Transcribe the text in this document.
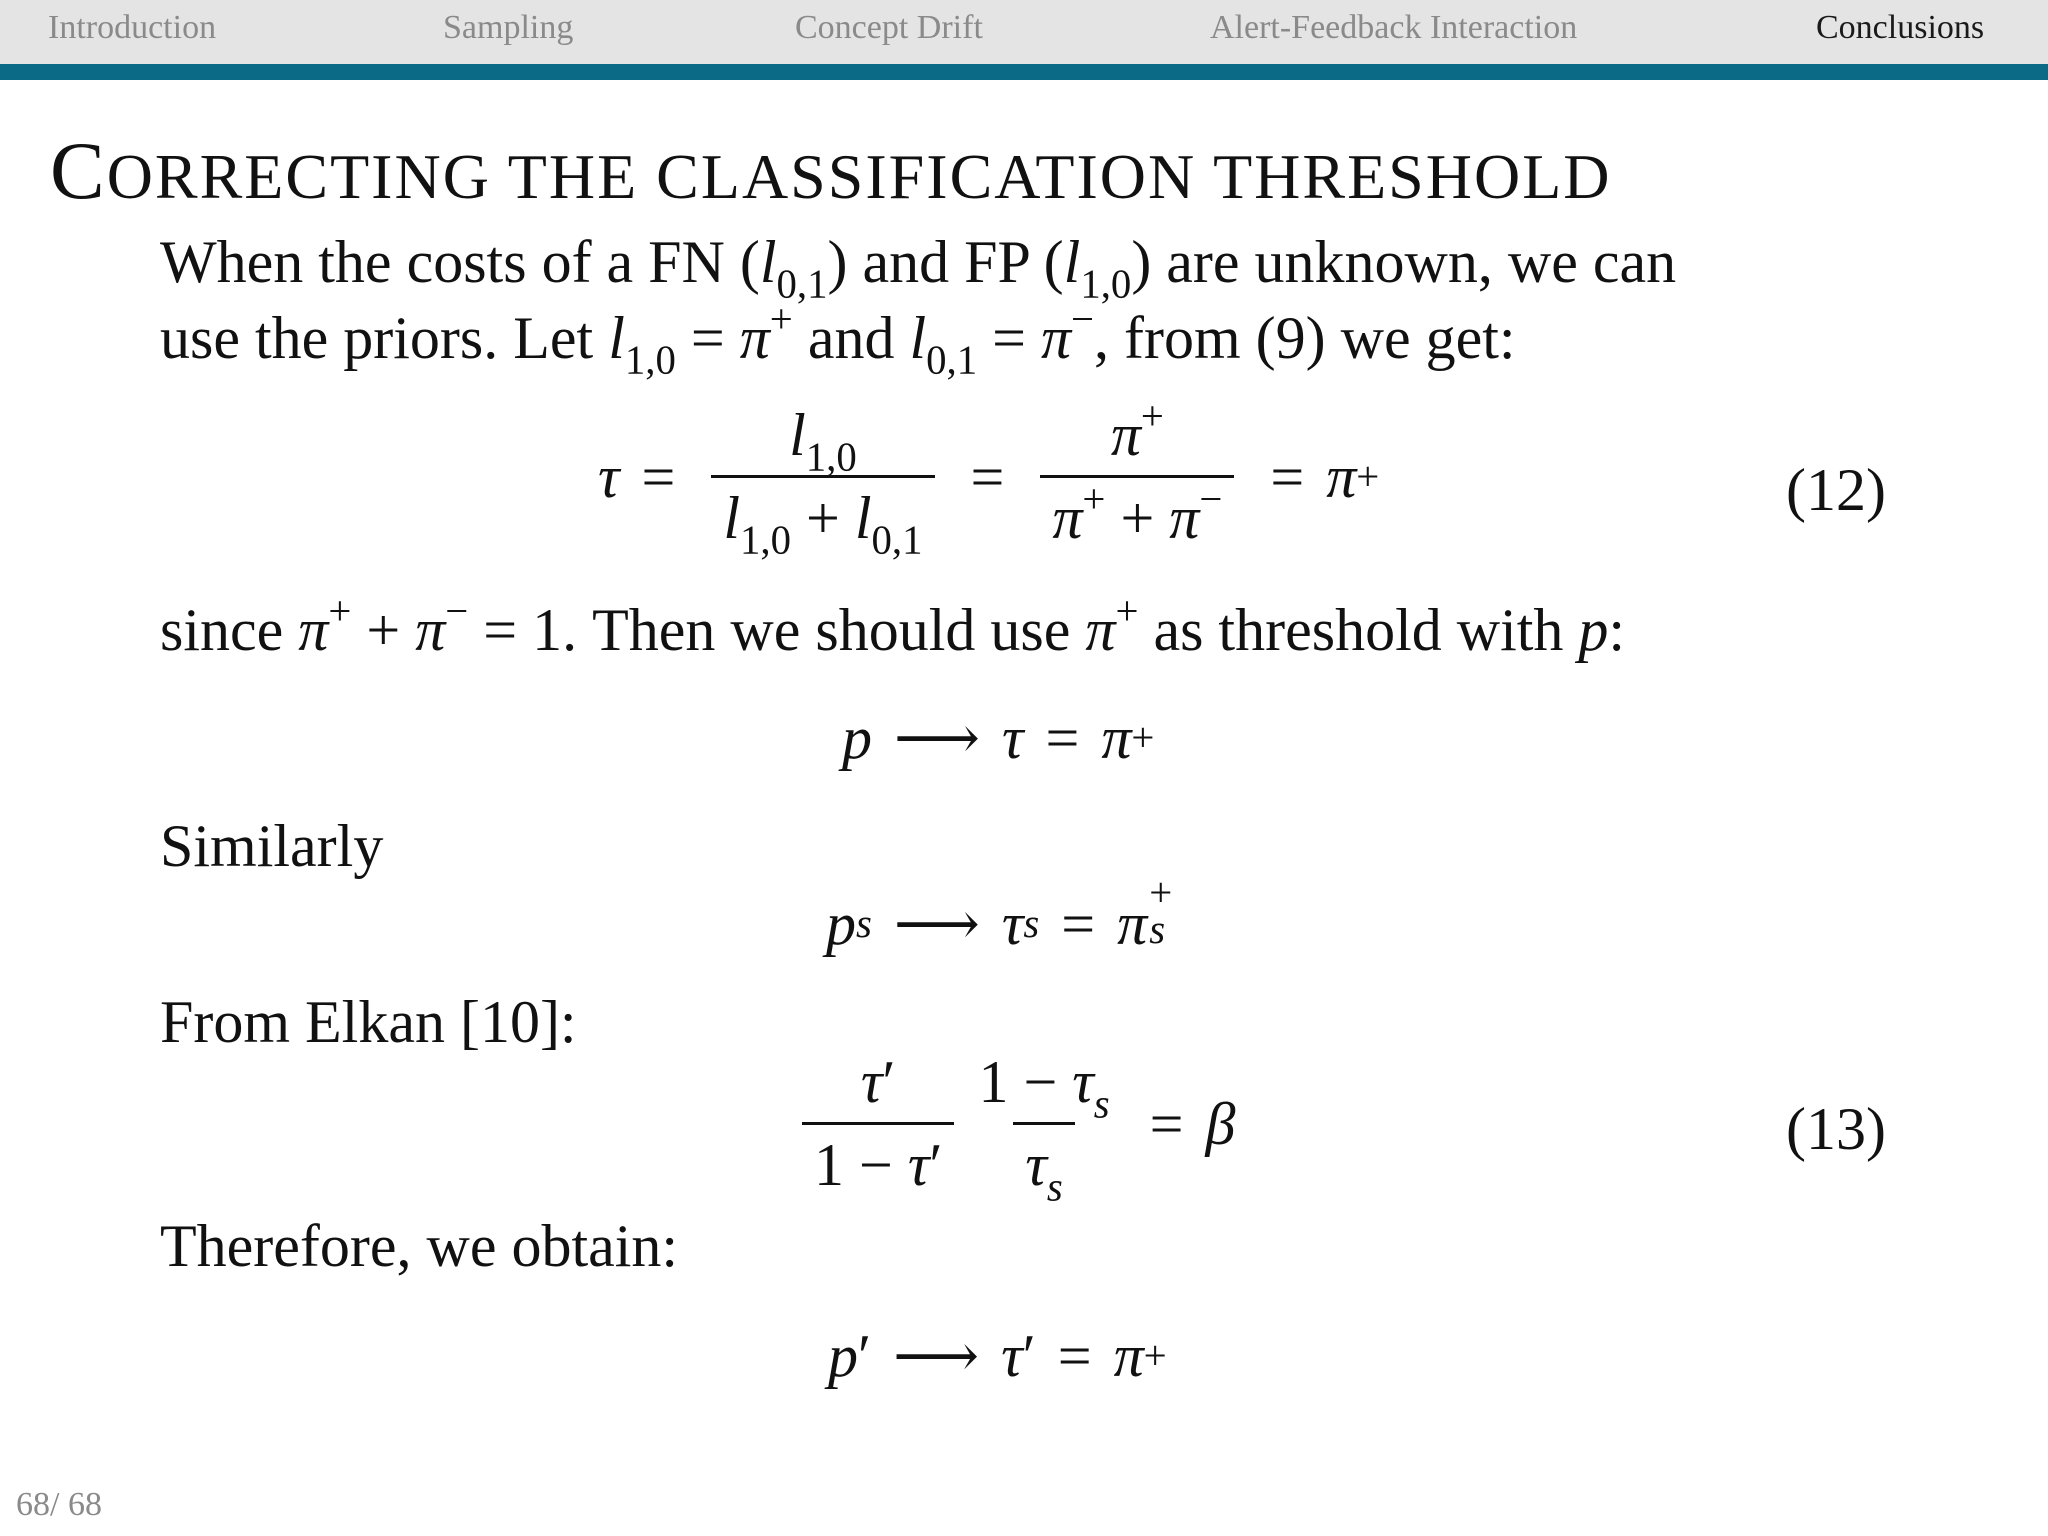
Introduction	Sampling	Concept Drift	Alert-Feedback Interaction	Conclusions
CORRECTING THE CLASSIFICATION THRESHOLD
When the costs of a FN $(l_{0,1})$ and FP $(l_{1,0})$ are unknown, we can
use the priors. Let $l_{1,0} = \pi^+$ and $l_{0,1} = \pi^-$, from (9) we get:
$\tau = \frac{l_{1,0}}{l_{1,0} + l_{0,1}} = \frac{\pi^+}{\pi^+ + \pi^-} = \pi$ +	(12)
since π+ + π− = 1. Then we should use π+ as threshold with p:
p ⟶ τ = π +
Similarly
p s ⟶ τ s = π +
s
From Elkan [10]:
$\frac{\tau'}{1 - \tau'} \frac{1 - \tau_s}{\tau_s} = \beta$	(13)
Therefore, we obtain:
p ′ ⟶ τ ′ = π +
68/ 68
